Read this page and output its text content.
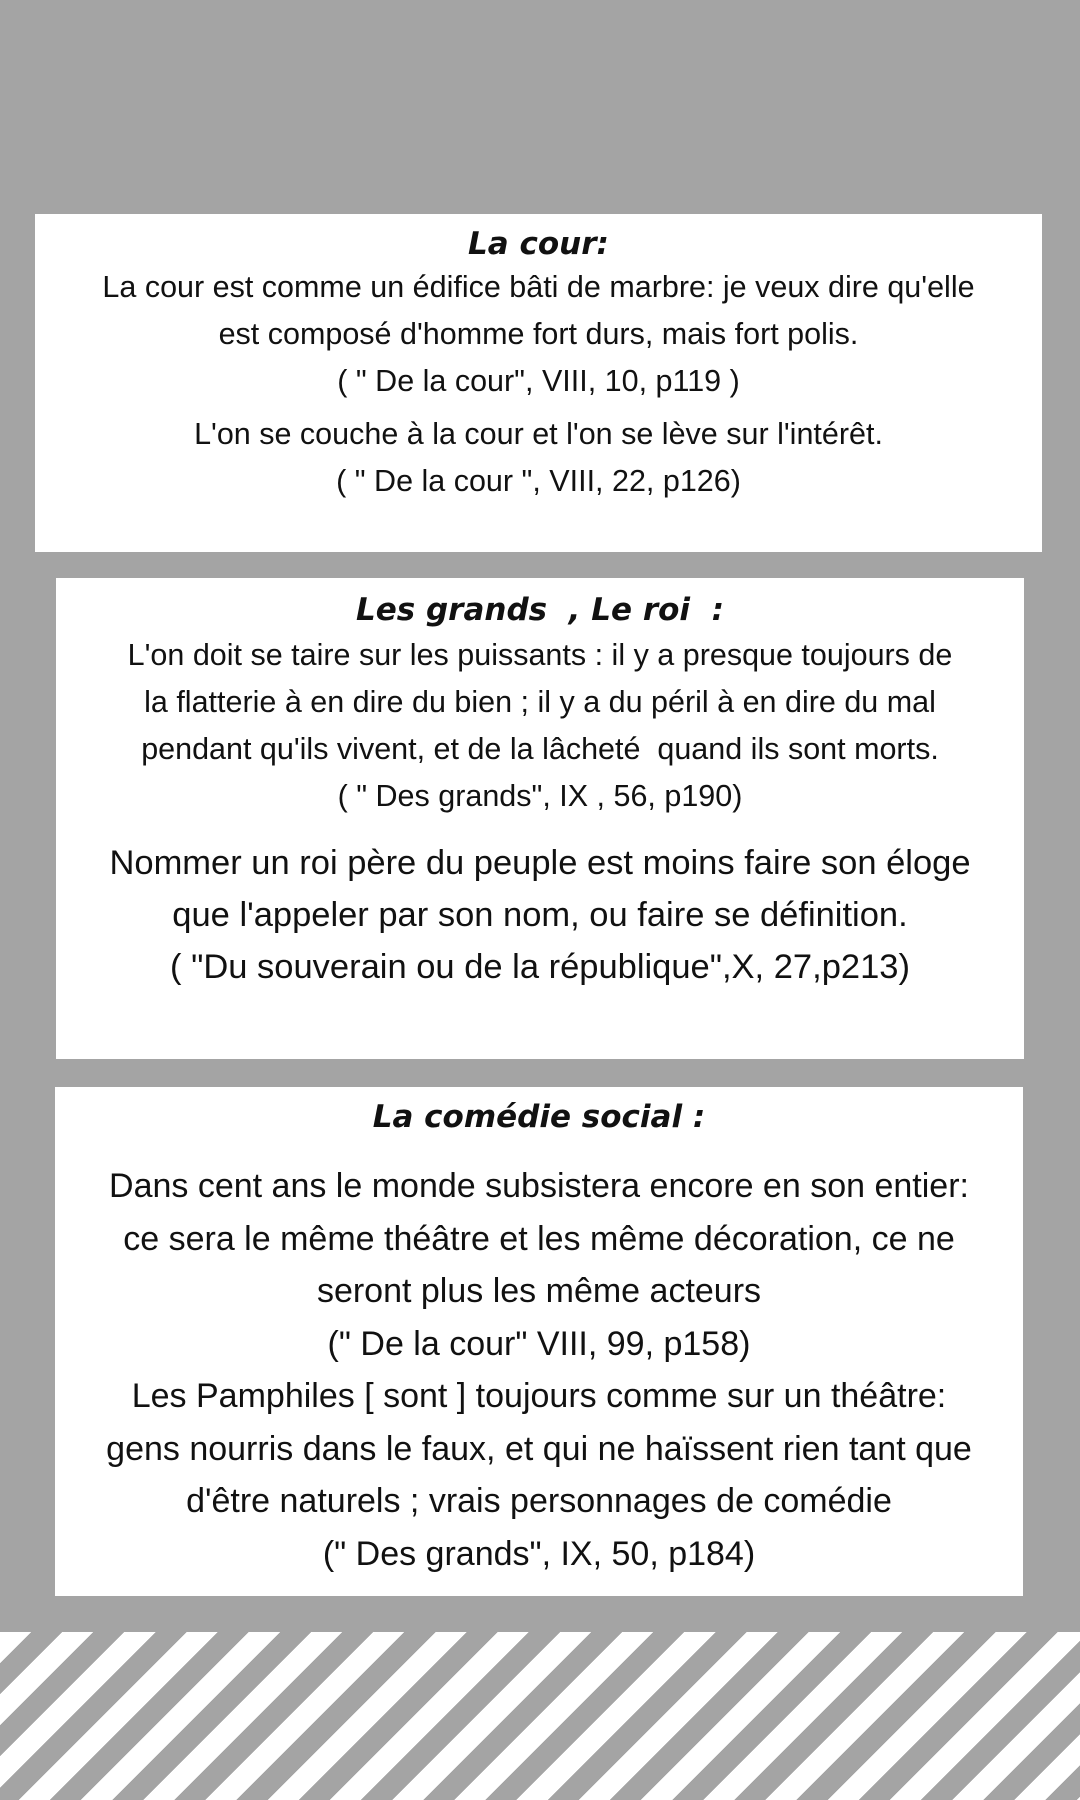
La cour:
La cour est comme un édifice bâti de marbre: je veux dire qu'elle
est composé d'homme fort durs, mais fort polis.
( " De la cour", VIII, 10, p119 )
L'on se couche à la cour et l'on se lève sur l'intérêt.
( " De la cour ", VIII, 22, p126)
Les grands  , Le roi  :
L'on doit se taire sur les puissants : il y a presque toujours de
la flatterie à en dire du bien ; il y a du péril à en dire du mal
pendant qu'ils vivent, et de la lâcheté  quand ils sont morts.
( " Des grands", IX , 56, p190)
Nommer un roi père du peuple est moins faire son éloge
que l'appeler par son nom, ou faire se définition.
( "Du souverain ou de la république",X, 27,p213)
La comédie social :
Dans cent ans le monde subsistera encore en son entier:
ce sera le même théâtre et les même décoration, ce ne
seront plus les même acteurs
(" De la cour" VIII, 99, p158)
Les Pamphiles [ sont ] toujours comme sur un théâtre:
gens nourris dans le faux, et qui ne haïssent rien tant que
d'être naturels ; vrais personnages de comédie
(" Des grands", IX, 50, p184)
